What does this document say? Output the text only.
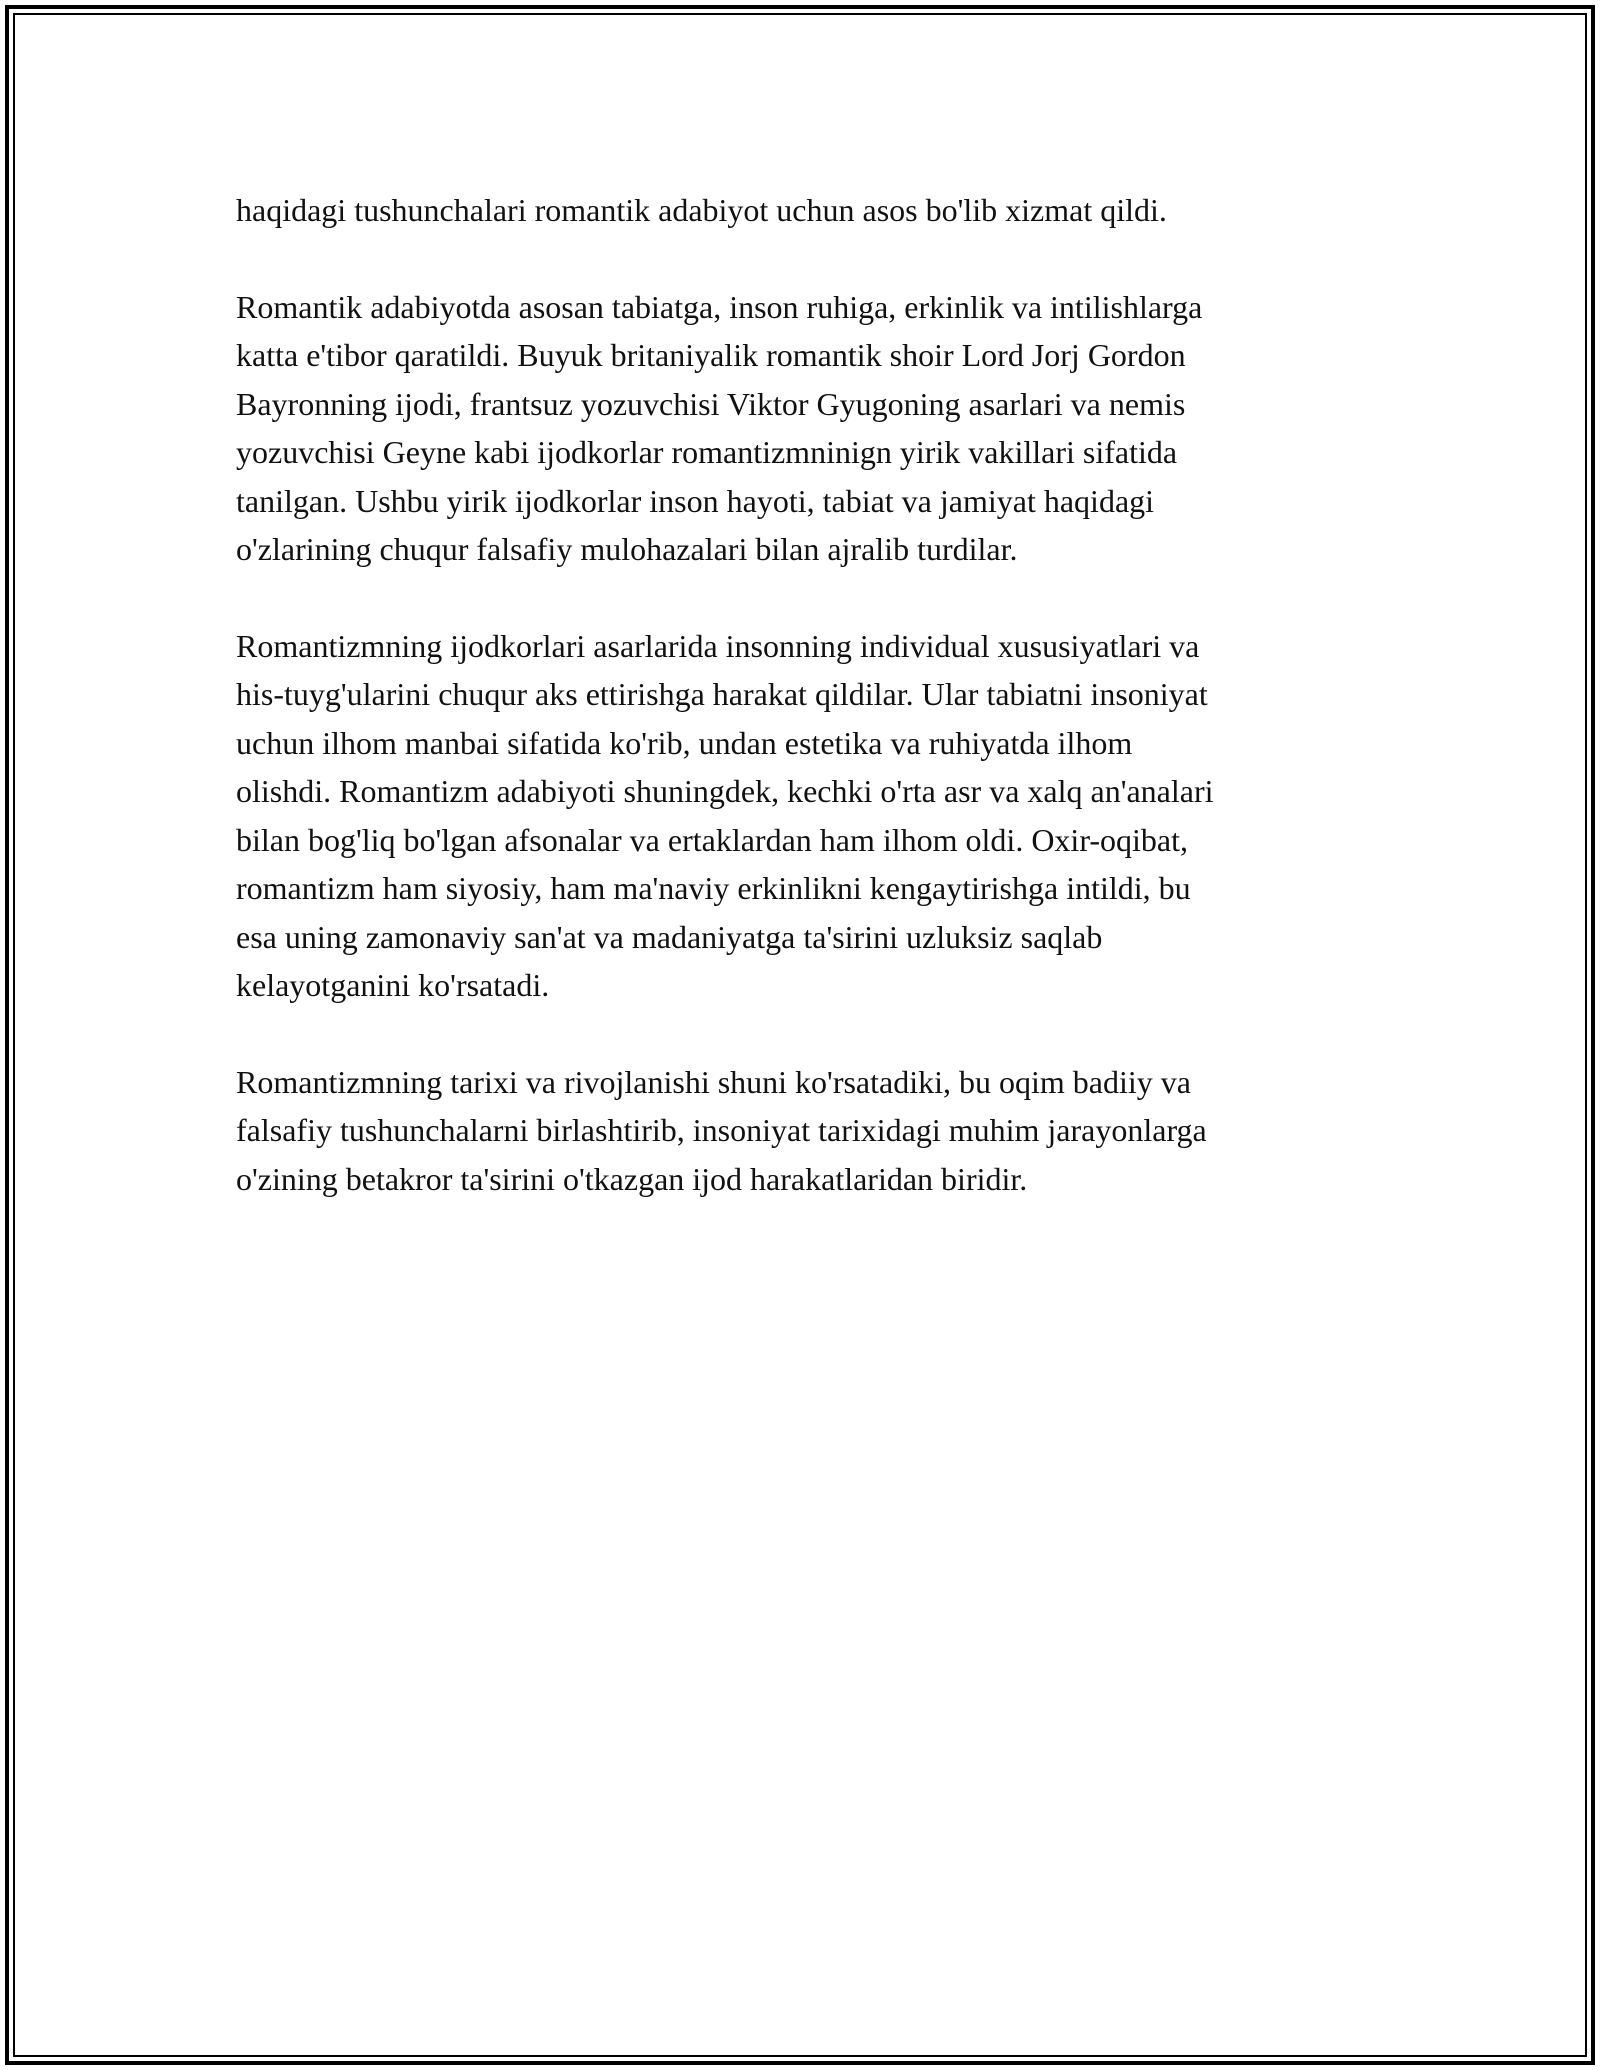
haqidagi tushunchalari romantik adabiyot uchun asos bo'lib xizmat qildi.

Romantik adabiyotda asosan tabiatga, inson ruhiga, erkinlik va intilishlarga
katta e'tibor qaratildi. Buyuk britaniyalik romantik shoir Lord Jorj Gordon
Bayronning ijodi, frantsuz yozuvchisi Viktor Gyugoning asarlari va nemis
yozuvchisi Geyne kabi ijodkorlar romantizmninign yirik vakillari sifatida
tanilgan. Ushbu yirik ijodkorlar inson hayoti, tabiat va jamiyat haqidagi
o'zlarining chuqur falsafiy mulohazalari bilan ajralib turdilar.

Romantizmning ijodkorlari asarlarida insonning individual xususiyatlari va
his-tuyg'ularini chuqur aks ettirishga harakat qildilar. Ular tabiatni insoniyat
uchun ilhom manbai sifatida ko'rib, undan estetika va ruhiyatda ilhom
olishdi. Romantizm adabiyoti shuningdek, kechki o'rta asr va xalq an'analari
bilan bog'liq bo'lgan afsonalar va ertaklardan ham ilhom oldi. Oxir-oqibat,
romantizm ham siyosiy, ham ma'naviy erkinlikni kengaytirishga intildi, bu
esa uning zamonaviy san'at va madaniyatga ta'sirini uzluksiz saqlab
kelayotganini ko'rsatadi.

Romantizmning tarixi va rivojlanishi shuni ko'rsatadiki, bu oqim badiiy va
falsafiy tushunchalarni birlashtirib, insoniyat tarixidagi muhim jarayonlarga
o'zining betakror ta'sirini o'tkazgan ijod harakatlaridan biridir.
